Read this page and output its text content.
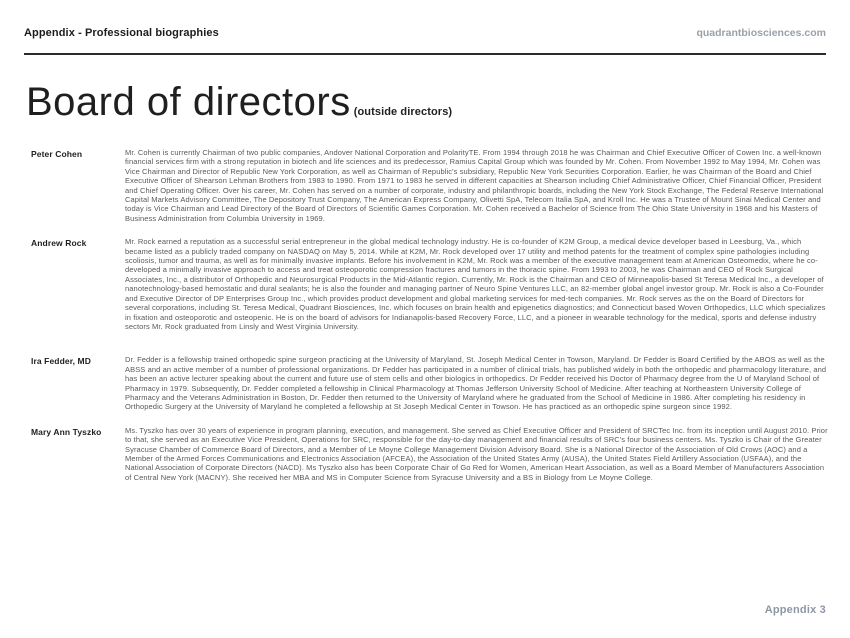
Appendix - Professional biographies	quadrantbiosciences.com
Board of directors (outside directors)
Peter Cohen	Mr. Cohen is currently Chairman of two public companies, Andover National Corporation and PolarityTE. From 1994 through 2018 he was Chairman and Chief Executive Officer of Cowen Inc. a well-known financial services firm with a strong reputation in biotech and life sciences and its predecessor, Ramius Capital Group which was founded by Mr. Cohen. From November 1992 to May 1994, Mr. Cohen was Vice Chairman and Director of Republic New York Corporation, as well as Chairman of Republic's subsidiary, Republic New York Securities Corporation. Earlier, he was Chairman of the Board and Chief Executive Officer of Shearson Lehman Brothers from 1983 to 1990. From 1971 to 1983 he served in different capacities at Shearson including Chief Administrative Officer, Chief Financial Officer, President and Chief Operating Officer. Over his career, Mr. Cohen has served on a number of corporate, industry and philanthropic boards, including the New York Stock Exchange, The Federal Reserve International Capital Markets Advisory Committee, The Depository Trust Company, The American Express Company, Olivetti SpA, Telecom Italia SpA, and Kroll Inc. He was a Trustee of Mount Sinai Medical Center and today is Vice Chairman and Lead Directory of the Board of Directors of Scientific Games Corporation. Mr. Cohen received a Bachelor of Science from The Ohio State University in 1968 and his Masters of Business Administration from Columbia University in 1969.

Andrew Rock	Mr. Rock earned a reputation as a successful serial entrepreneur in the global medical technology industry. He is co-founder of K2M Group, a medical device developer based in Leesburg, Va., which became listed as a publicly traded company on NASDAQ on May 5, 2014. While at K2M, Mr. Rock developed over 17 utility and method patents for the treatment of complex spine pathologies including scoliosis, tumor and trauma, as well as for minimally invasive implants. Before his involvement in K2M, Mr. Rock was a member of the executive management team at American Osteomedix, where he co-developed a minimally invasive approach to access and treat osteoporotic compression fractures and tumors in the thoracic spine. From 1993 to 2003, he was Chairman and CEO of Rock Surgical Associates, Inc., a distributor of Orthopedic and Neurosurgical Products in the Mid-Atlantic region. Currently, Mr. Rock is the Chairman and CEO of Minneapolis-based St Teresa Medical Inc., a developer of nanotechnology-based hemostatic and dural sealants; he is also the founder and managing partner of Neuro Spine Ventures LLC, an 82-member global angel investor group. Mr. Rock is also a Co-Founder and Executive Director of DP Enterprises Group Inc., which provides product development and global marketing services for med-tech companies. Mr. Rock serves as the on the Board of Directors for several corporations, including St. Teresa Medical, Quadrant Biosciences, Inc. which focuses on brain health and epigenetics diagnostics; and Connecticut based Woven Orthopedics, LLC which specializes in fixation and osteoporotic and osteopenic. He is on the board of advisors for Indianapolis-based Recovery Force, LLC, and a pioneer in wearable technology for the medical, sports and defense industry sectors Mr. Rock graduated from Linsly and West Virginia University.

Ira Fedder, MD	Dr. Fedder is a fellowship trained orthopedic spine surgeon practicing at the University of Maryland, St. Joseph Medical Center in Towson, Maryland. Dr Fedder is Board Certified by the ABOS as well as the ABSS and an active member of a number of professional organizations. Dr Fedder has participated in a number of clinical trials, has published widely in both the orthopedic and pharmacology literature, and has been an active lecturer speaking about the current and future use of stem cells and other biologics in orthopedics. Dr Fedder received his Doctor of Pharmacy degree from the U of Maryland School of Pharmacy in 1979. Subsequently, Dr. Fedder completed a fellowship in Clinical Pharmacology at Thomas Jefferson University School of Medicine. After teaching at Northeastern University College of Pharmacy and the Veterans Administration in Boston, Dr. Fedder then returned to the University of Maryland where he graduated from the School of Medicine in 1986. After completing his residency in Orthopedic Surgery at the University of Maryland he completed a fellowship at St Joseph Medical Center in Towson. He has practiced as an orthopedic spine surgeon since 1992.

Mary Ann Tyszko	Ms. Tyszko has over 30 years of experience in program planning, execution, and management. She served as Chief Executive Officer and President of SRCTec Inc. from its inception until August 2010. Prior to that, she served as an Executive Vice President, Operations for SRC, responsible for the day-to-day management and financial results of SRC's four business centers. Ms. Tyszko is Chair of the Greater Syracuse Chamber of Commerce Board of Directors, and a Member of Le Moyne College Management Division Advisory Board. She is a National Director of the Association of Old Crows (AOC) and a Member of the Armed Forces Communications and Electronics Association (AFCEA), the Association of the United States Army (AUSA), the United States Field Artillery Association (USFAA), and the National Association of Corporate Directors (NACD). Ms Tyszko also has been Corporate Chair of Go Red for Women, American Heart Association, as well as a Board Member of Manufacturers Association of Central New York (MACNY). She received her MBA and MS in Computer Science from Syracuse University and a BS in Biology from Le Moyne College.

Appendix 3
